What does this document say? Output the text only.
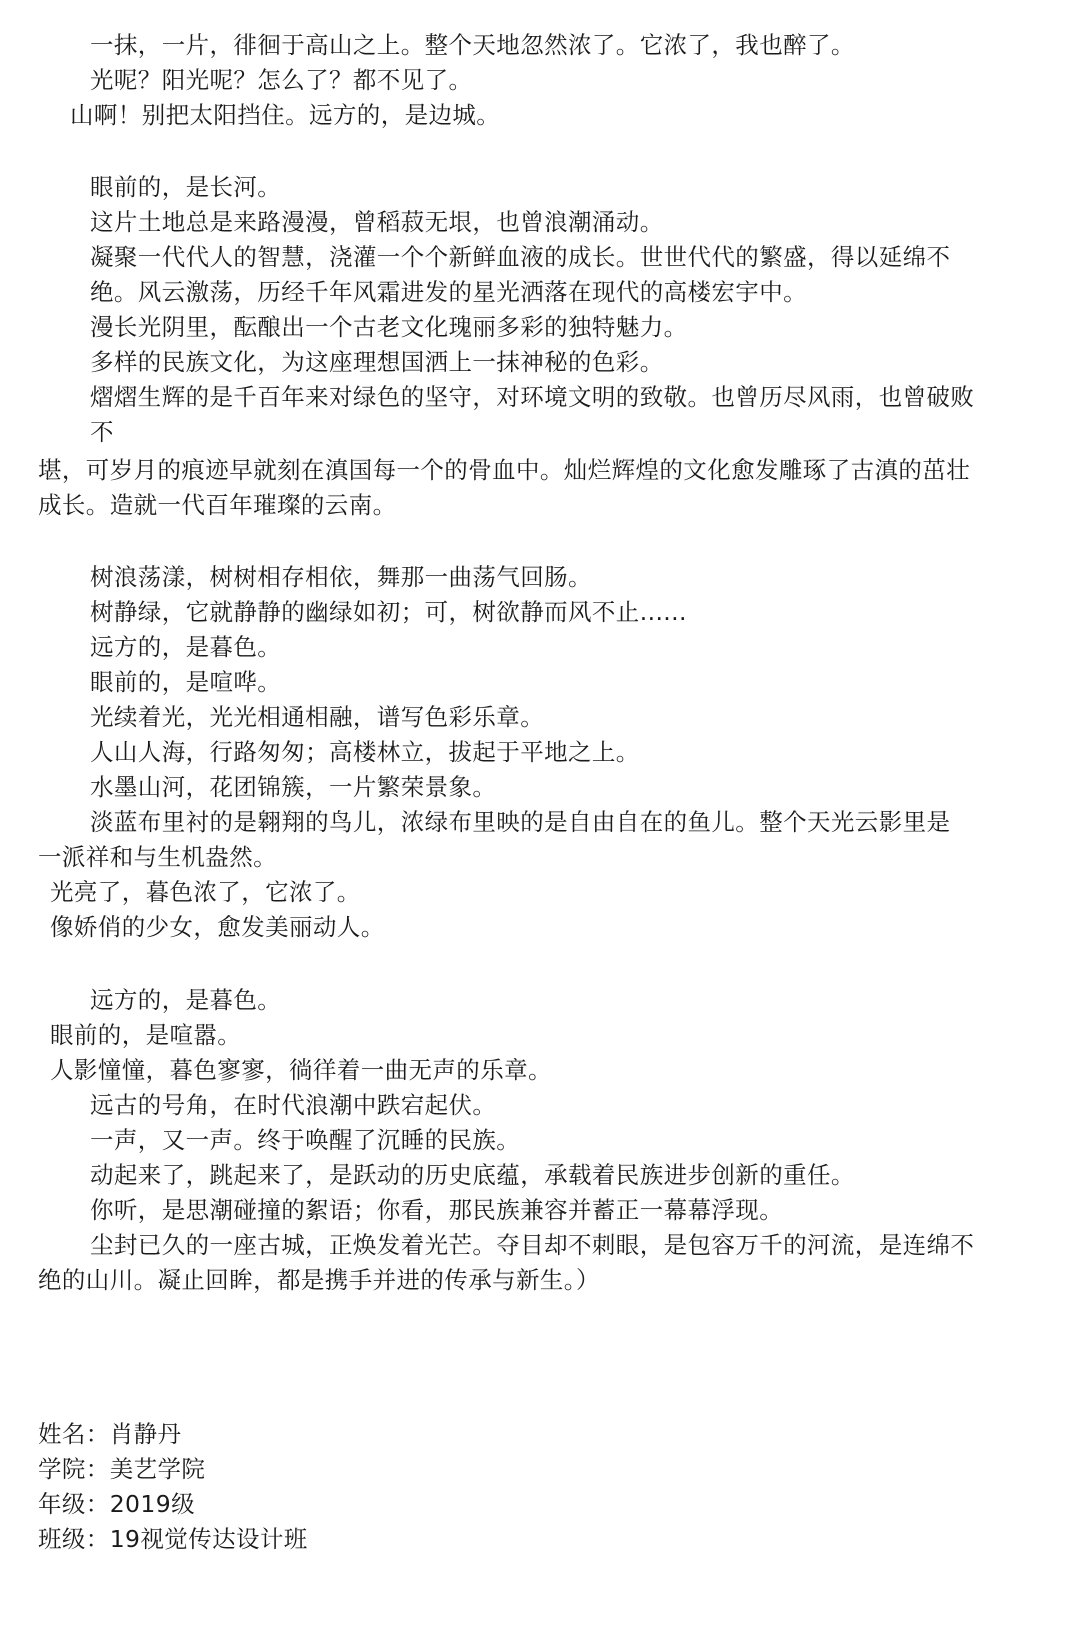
一抹，一片，徘徊于高山之上。整个天地忽然浓了。它浓了，我也醉了。

光呢？阳光呢？怎么了？都不见了。

山啊！别把太阳挡住。远方的，是边城。

眼前的，是长河。

这片土地总是来路漫漫，曾稻菽无垠，也曾浪潮涌动。

凝聚一代代人的智慧，浇灌一个个新鲜血液的成长。世世代代的繁盛，得以延绵不

绝。风云激荡，历经千年风霜进发的星光洒落在现代的高楼宏宇中。

漫长光阴里，酝酿出一个古老文化瑰丽多彩的独特魅力。

多样的民族文化，为这座理想国洒上一抹神秘的色彩。

熠熠生辉的是千百年来对绿色的坚守，对环境文明的致敬。也曾历尽风雨，也曾破败

不

堪，可岁月的痕迹早就刻在滇国每一个的骨血中。灿烂辉煌的文化愈发雕琢了古滇的茁壮

成长。造就一代百年璀璨的云南。

树浪荡漾，树树相存相依，舞那一曲荡气回肠。

树静绿，它就静静的幽绿如初；可，树欲静而风不止......

远方的，是暮色。

眼前的，是喧哗。

光续着光，光光相通相融，谱写色彩乐章。

人山人海，行路匆匆；高楼林立，拔起于平地之上。

水墨山河，花团锦簇，一片繁荣景象。

淡蓝布里衬的是翱翔的鸟儿，浓绿布里映的是自由自在的鱼儿。整个天光云影里是

一派祥和与生机盎然。

光亮了，暮色浓了，它浓了。

像娇俏的少女，愈发美丽动人。

远方的，是暮色。

眼前的，是喧嚣。

人影憧憧，暮色寥寥，徜徉着一曲无声的乐章。

远古的号角，在时代浪潮中跌宕起伏。

一声，又一声。终于唤醒了沉睡的民族。

动起来了，跳起来了，是跃动的历史底蕴，承载着民族进步创新的重任。

你听，是思潮碰撞的絮语；你看，那民族兼容并蓄正一幕幕浮现。

尘封已久的一座古城，正焕发着光芒。夺目却不刺眼，是包容万千的河流，是连绵不

绝的山川。凝止回眸，都是携手并进的传承与新生。）

姓名：肖静丹

学院：美艺学院

年级：2019级

班级：19视觉传达设计班
